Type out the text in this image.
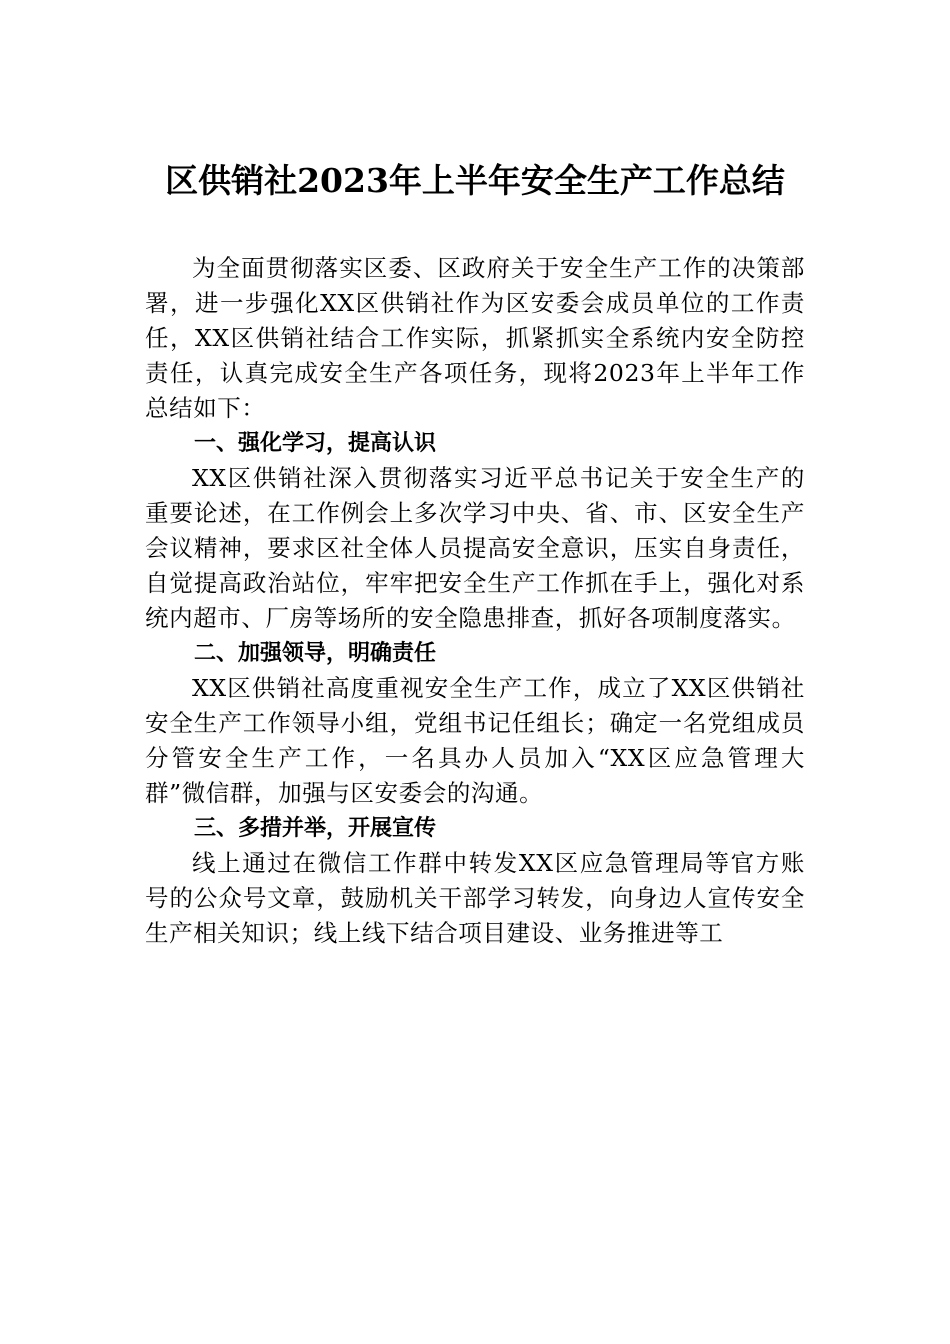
区供销社2023年上半年安全生产工作总结

为全面贯彻落实区委、区政府关于安全生产工作的决策部署，进一步强化XX区供销社作为区安委会成员单位的工作责任，XX区供销社结合工作实际，抓紧抓实全系统内安全防控责任，认真完成安全生产各项任务，现将2023年上半年工作总结如下：

一、强化学习，提高认识

XX区供销社深入贯彻落实习近平总书记关于安全生产的重要论述，在工作例会上多次学习中央、省、市、区安全生产会议精神，要求区社全体人员提高安全意识，压实自身责任，自觉提高政治站位，牢牢把安全生产工作抓在手上，强化对系统内超市、厂房等场所的安全隐患排查，抓好各项制度落实。

二、加强领导，明确责任

XX区供销社高度重视安全生产工作，成立了XX区供销社安全生产工作领导小组，党组书记任组长；确定一名党组成员分管安全生产工作，一名具办人员加入“XX区应急管理大群”微信群，加强与区安委会的沟通。

三、多措并举，开展宣传

线上通过在微信工作群中转发XX区应急管理局等官方账号的公众号文章，鼓励机关干部学习转发，向身边人宣传安全生产相关知识；线上线下结合项目建设、业务推进等工
